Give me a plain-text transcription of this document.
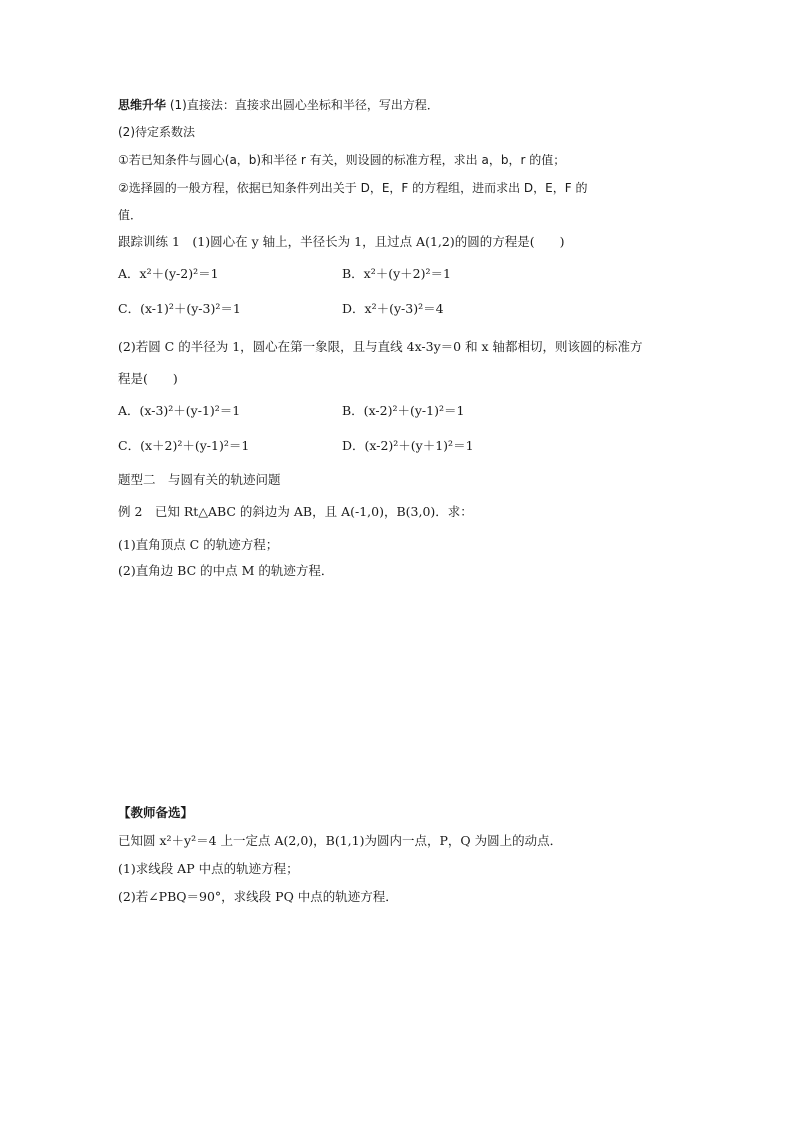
思维升华 (1)直接法：直接求出圆心坐标和半径，写出方程．
(2)待定系数法
①若已知条件与圆心(a，b)和半径 r 有关，则设圆的标准方程，求出 a，b，r 的值；
②选择圆的一般方程，依据已知条件列出关于 D，E，F 的方程组，进而求出 D，E，F 的
值．
跟踪训练 1　(1)圆心在 y 轴上，半径长为 1，且过点 A(1,2)的圆的方程是(　　)
A．x²＋(y-2)²＝1	B．x²＋(y＋2)²＝1
C．(x-1)²＋(y-3)²＝1	D．x²＋(y-3)²＝4
(2)若圆 C 的半径为 1，圆心在第一象限，且与直线 4x-3y＝0 和 x 轴都相切，则该圆的标准方
程是(　　)
A．(x-3)²＋(y-1)²＝1	B．(x-2)²＋(y-1)²＝1
C．(x＋2)²＋(y-1)²＝1	D．(x-2)²＋(y＋1)²＝1
题型二　与圆有关的轨迹问题
例 2　已知 Rt△ABC 的斜边为 AB，且 A(-1,0)，B(3,0)．求：
(1)直角顶点 C 的轨迹方程；
(2)直角边 BC 的中点 M 的轨迹方程．
【教师备选】
已知圆 x²＋y²＝4 上一定点 A(2,0)，B(1,1)为圆内一点，P，Q 为圆上的动点．
(1)求线段 AP 中点的轨迹方程；
(2)若∠PBQ＝90°，求线段 PQ 中点的轨迹方程．
